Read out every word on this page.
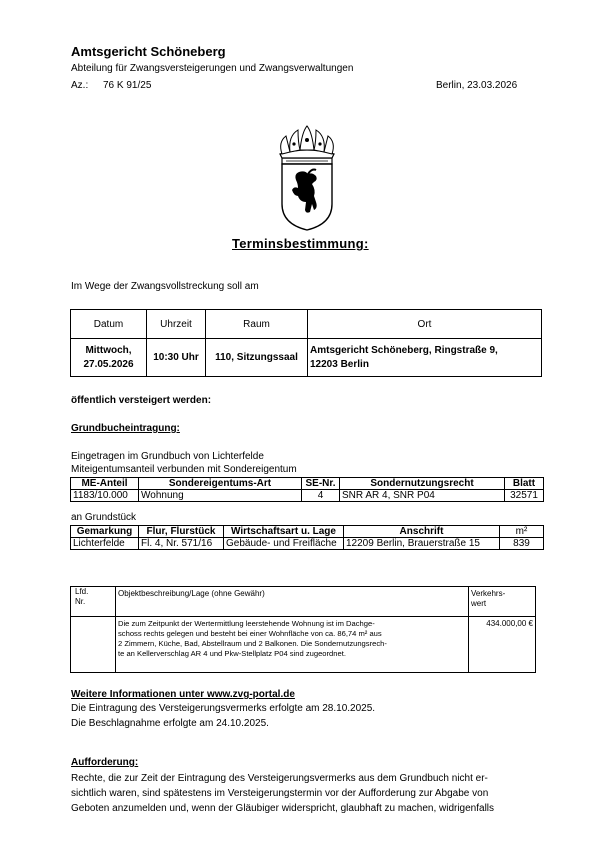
Amtsgericht Schöneberg
Abteilung für Zwangsversteigerungen und Zwangsverwaltungen
Az.: 76 K 91/25	Berlin, 23.03.2026
Terminsbestimmung:
Im Wege der Zwangsvollstreckung soll am
Datum	Uhrzeit	Raum	Ort
Mittwoch,
27.05.2026	10:30 Uhr	110, Sitzungssaal	Amtsgericht Schöneberg, Ringstraße 9,
12203 Berlin
öffentlich versteigert werden:
Grundbucheintragung:
Eingetragen im Grundbuch von Lichterfelde
Miteigentumsanteil verbunden mit Sondereigentum
ME-Anteil	Sondereigentums-Art	SE-Nr.	Sondernutzungsrecht	Blatt
1183/10.000	Wohnung	4	SNR AR 4, SNR P04	32571
an Grundstück
Gemarkung	Flur, Flurstück	Wirtschaftsart u. Lage	Anschrift	m²
Lichterfelde	Fl. 4, Nr. 571/16	Gebäude- und Freifläche	12209 Berlin, Brauerstraße 15	839
Lfd.
Nr.	Objektbeschreibung/Lage (ohne Gewähr)	Verkehrs-
wert

	Die zum Zeitpunkt der Wertermittlung leerstehende Wohnung ist im Dachge-
schoss rechts gelegen und besteht bei einer Wohnfläche von ca. 86,74 m² aus
2 Zimmern, Küche, Bad, Abstellraum und 2 Balkonen. Die Sondernutzungsrech-
te an Kellerverschlag AR 4 und Pkw-Stellplatz P04 sind zugeordnet.	434.000,00 €
Weitere Informationen unter www.zvg-portal.de
Die Eintragung des Versteigerungsvermerks erfolgte am 28.10.2025.
Die Beschlagnahme erfolgte am 24.10.2025.
Aufforderung:
Rechte, die zur Zeit der Eintragung des Versteigerungsvermerks aus dem Grundbuch nicht er-
sichtlich waren, sind spätestens im Versteigerungstermin vor der Aufforderung zur Abgabe von
Geboten anzumelden und, wenn der Gläubiger widerspricht, glaubhaft zu machen, widrigenfalls
